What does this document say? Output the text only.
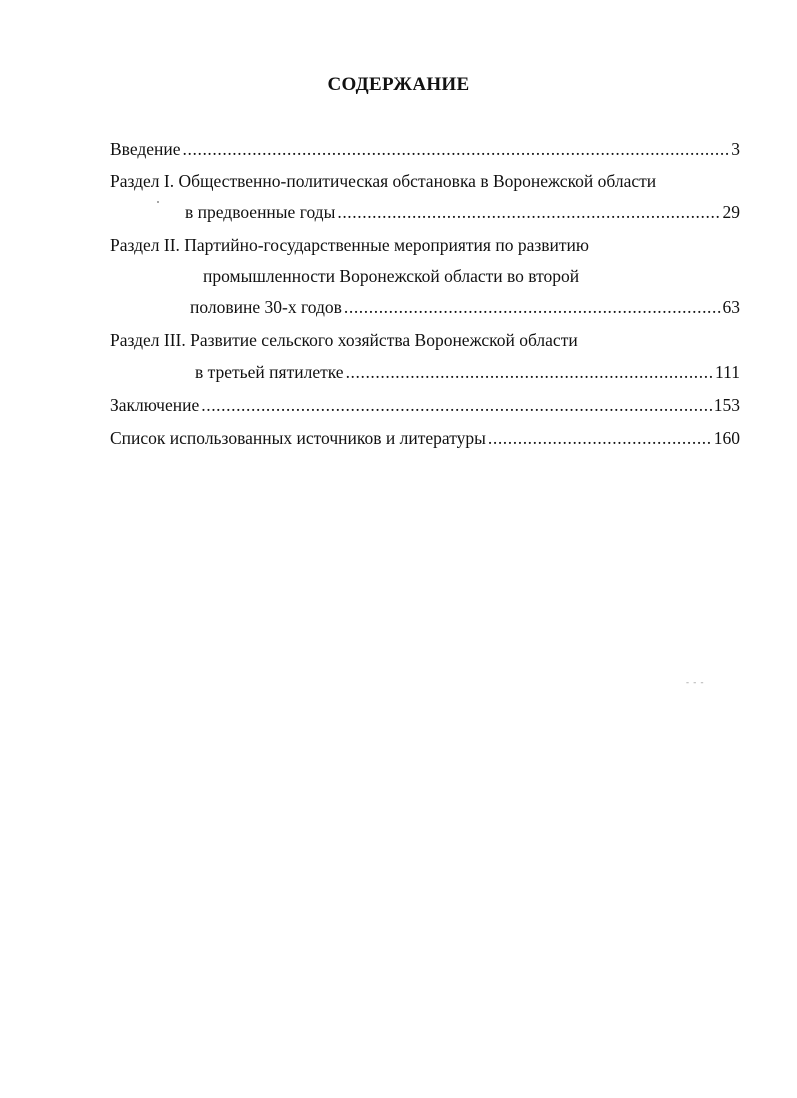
СОДЕРЖАНИЕ
Введение .....	3
Раздел I. Общественно-политическая обстановка в Воронежской области
в предвоенные годы .....	29
Раздел II. Партийно-государственные мероприятия по развитию
промышленности Воронежской области во второй
половине 30-х годов .....	63
Раздел III. Развитие сельского хозяйства Воронежской области
в третьей пятилетке .....	111
Заключение .....	153
Список использованных источников и литературы .....	160
- - -
